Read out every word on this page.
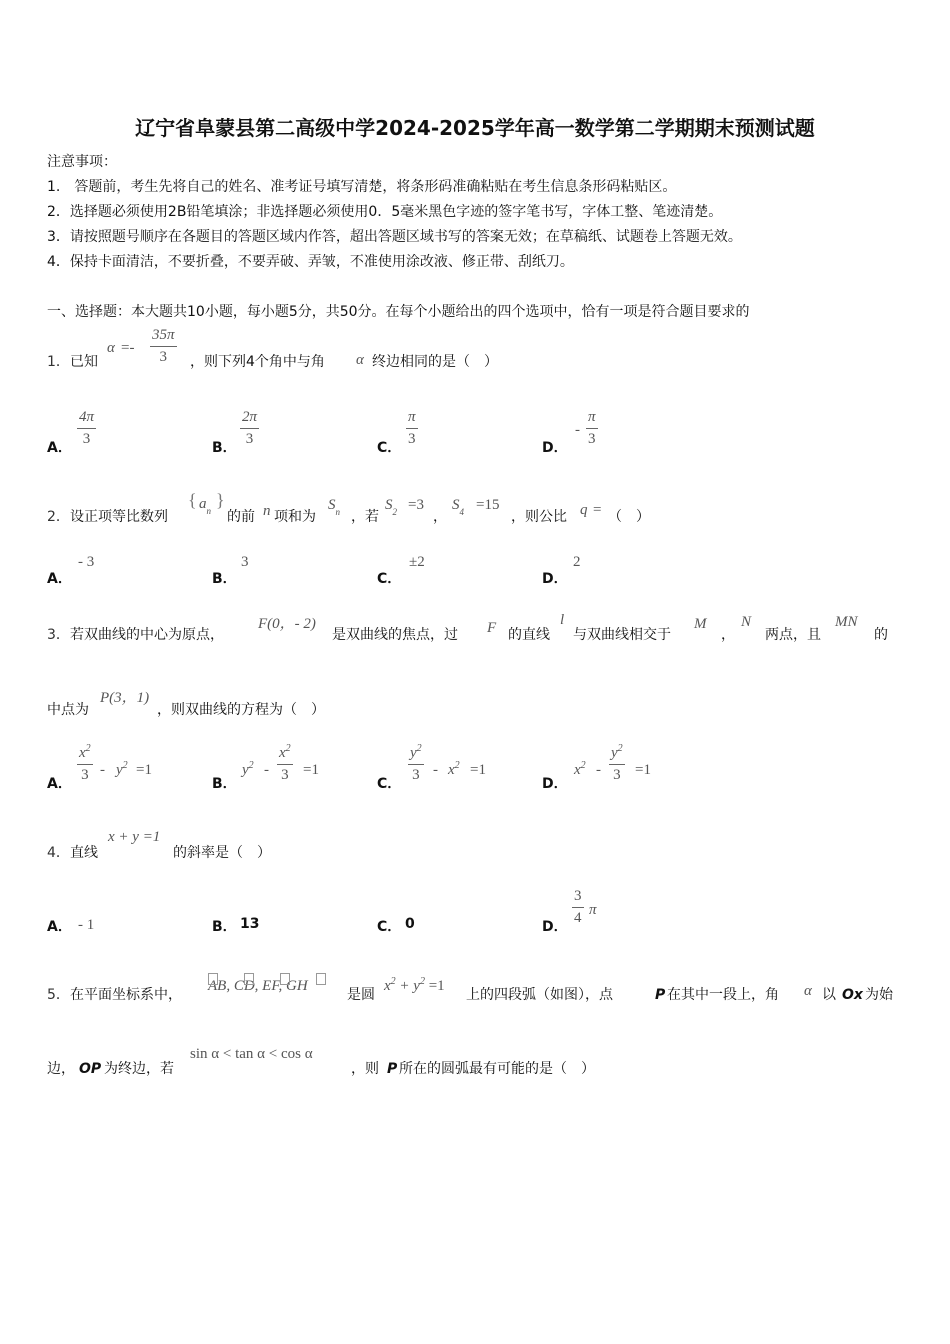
辽宁省阜蒙县第二高级中学2024-2025学年高一数学第二学期期末预测试题
注意事项：
1.　答题前，考生先将自己的姓名、准考证号填写清楚，将条形码准确粘贴在考生信息条形码粘贴区。
2．选择题必须使用2B铅笔填涂；非选择题必须使用0．5毫米黑色字迹的签字笔书写，字体工整、笔迹清楚。
3．请按照题号顺序在各题目的答题区域内作答，超出答题区域书写的答案无效；在草稿纸、试题卷上答题无效。
4．保持卡面清洁，不要折叠，不要弄破、弄皱，不准使用涂改液、修正带、刮纸刀。
一、选择题：本大题共10小题，每小题5分，共50分。在每个小题给出的四个选项中，恰有一项是符合题目要求的
1． 已知
α =-
35π
3	，则下列4个角中与角 α 终边相同的是（　）
A．
4π
3
B．
2π
3
C．
π
3
D．
-
π
3
2． 设正项等比数列
{ $a_n$
}
的前 n 项和为
$S_n$ ，若
$S_2 =3$
，
$S_4 =15$
，则公比 q = （　）
A．
- 3
B．
3
C．
±2
D．
2
3． 若双曲线的中心为原点，
F(0，- 2)
是双曲线的焦点，过 F 的直线
l
与双曲线相交于
M
，
N
两点，且
MN
的
中点为
P(3，1)
，则双曲线的方程为（　）
A．
$x^2$
$3 - y^2 =1$
B．
$y^2$ -
$x^2$
3 =1
C．
$y^2$
$3 - x^2 =1$
D．
$x^2$ -
$y^2$
3 =1
4． 直线
x + y =1
的斜率是（　）
A． - 1	B． 13	C． 0	D．
3
4 π
5． 在平面坐标系中，
AB, CD, EF, GH
是圆
$x^2 + y^2 =1$
上的四段弧（如图），点	P 在其中一段上，角 α 以 Ox 为始
边， OP 为终边，若
sin α < tan α < cos α
，则 P 所在的圆弧最有可能的是（　）
